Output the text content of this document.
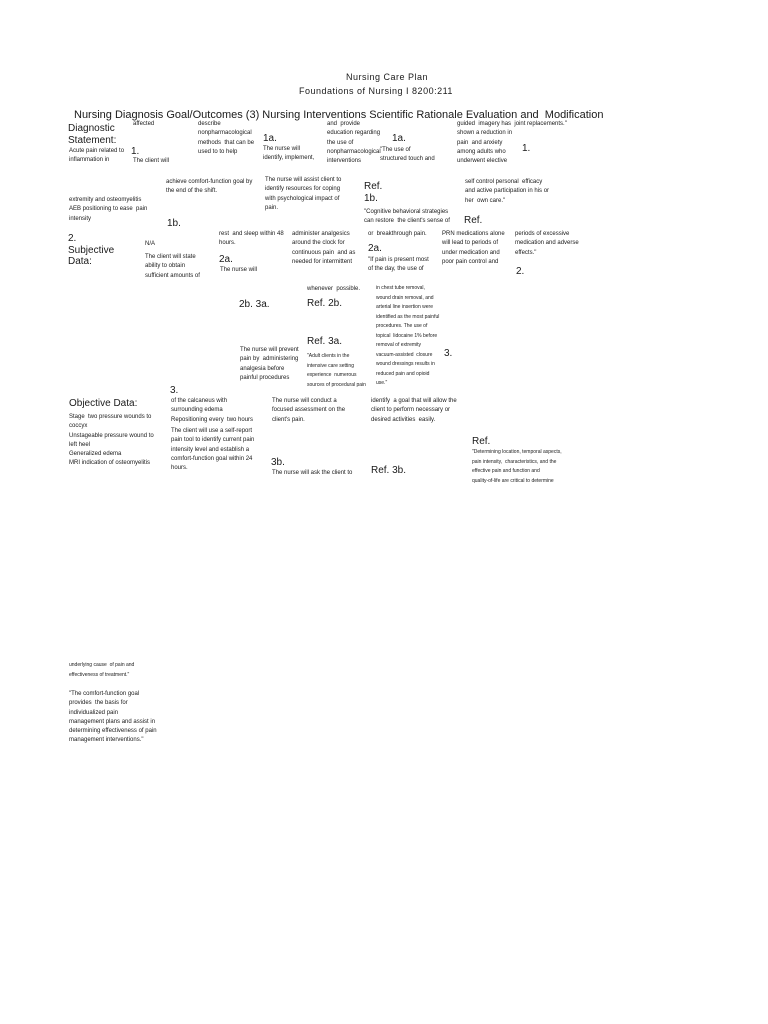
Nursing Care Plan
Foundations of Nursing I 8200:211
Nursing Diagnosis Goal/Outcomes (3) Nursing Interventions Scientific Rationale Evaluation and  Modification
Diagnostic
Statement:
affected
Acute pain related to
inflammation in
1.
The client will
describe
nonpharmacological
methods  that can be
used to to help
1a.
The nurse will
identify, implement,
and  provide
education regarding
the use of
nonpharmacological
interventions
1a.
"The use of
structured touch and
guided  imagery has  joint replacements."
shown a reduction in
pain  and anxiety
among adults who
underwent elective
1.
achieve comfort-function goal by
the end of the shift.
The nurse will assist client to
identify resources for coping
with psychological impact of
pain.
Ref.
1b.
self control personal  efficacy
and active participation in his or
her  own care."
extremity and osteomyelitis
AEB positioning to ease  pain
intensity	1b.
"Cognitive behavioral strategies
can restore  the client's sense of Ref.
2.
Subjective
Data:
N/A
The client will state
ability to obtain
sufficient amounts of
rest  and sleep within 48
hours.
2a.
The nurse will
administer analgesics
around the clock for
continuous pain  and as
needed for intermittent
or  breakthrough pain.
2a.
"If pain is present most
of the day, the use of
PRN medications alone
will lead to periods of
under medication and
poor pain control and
periods of excessive
medication and adverse
effects."
2.
whenever  possible.
2b. 3a.	Ref. 2b.
in chest tube removal,
wound drain removal, and
arterial line insertion were
identified as the most painful
procedures. The use of
topical  lidocaine 1% before
removal of extremity
vacuum-assisted  closure
wound dressings results in
reduced pain and opioid
use."
Ref. 3a.
The nurse will prevent
pain by  administering
analgesia before
painful procedures
"Adult clients in the
intensive care setting
experience  numerous
sources of procedural pain
3.
Objective Data:
Stage  two pressure wounds to
coccyx
Unstageable pressure wound to
left heel
Generalized edema
MRI indication of osteomyelitis
3.
of the calcaneus with
surrounding edema
Repositioning every  two hours
The client will use a self-report
pain tool to identify current pain
intensity level and establish a
comfort-function goal within 24
hours.
The nurse will conduct a
focused assessment on the
client's pain.
identify  a goal that will allow the
client to perform necessary or
desired activities  easily.
Ref.
"Determining location, temporal aspects,
pain intensity,  characteristics, and the
effective pain and function and
quality-of-life are critical to determine
3b.
The nurse will ask the client to Ref. 3b.
underlying cause  of pain and
effectiveness of treatment."
"The comfort-function goal
provides  the basis for
individualized pain
management plans and assist in
determining effectiveness of pain
management interventions."
